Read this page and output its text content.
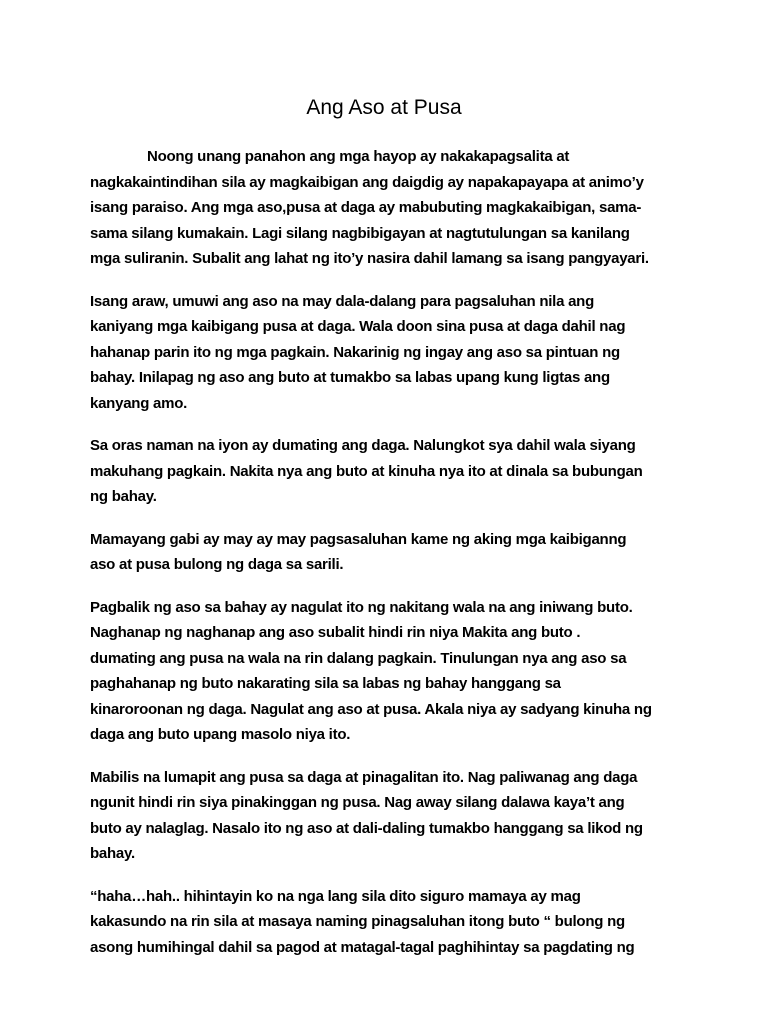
Ang Aso at Pusa

Noong unang panahon ang mga hayop ay nakakapagsalita at
nagkakaintindihan sila ay magkaibigan ang daigdig ay napakapayapa at animo’y
isang paraiso. Ang mga aso,pusa at daga ay mabubuting magkakaibigan, sama-
sama silang kumakain. Lagi silang nagbibigayan at nagtutulungan sa kanilang
mga suliranin. Subalit ang lahat ng ito’y nasira dahil lamang sa isang pangyayari.

Isang araw, umuwi ang aso na may dala-dalang para pagsaluhan nila ang
kaniyang mga kaibigang pusa at daga. Wala doon sina pusa at daga dahil nag
hahanap parin ito ng mga pagkain. Nakarinig ng ingay ang aso sa pintuan ng
bahay. Inilapag ng aso ang buto at tumakbo sa labas upang kung ligtas ang
kanyang amo.

Sa oras naman na iyon ay dumating ang daga. Nalungkot sya dahil wala siyang
makuhang pagkain. Nakita nya ang buto at kinuha nya ito at dinala sa bubungan
ng bahay.

Mamayang gabi ay may ay may pagsasaluhan kame ng aking mga kaibiganng
aso at pusa bulong ng daga sa sarili.

Pagbalik ng aso sa bahay ay nagulat ito ng nakitang wala na ang iniwang buto.
Naghanap ng naghanap ang aso subalit hindi rin niya Makita ang buto .
dumating ang pusa na wala na rin dalang pagkain. Tinulungan nya ang aso sa
paghahanap ng buto nakarating sila sa labas ng bahay hanggang sa
kinaroroonan ng daga. Nagulat ang aso at pusa. Akala niya ay sadyang kinuha ng
daga ang buto upang masolo niya ito.

Mabilis na lumapit ang pusa sa daga at pinagalitan ito. Nag paliwanag ang daga
ngunit hindi rin siya pinakinggan ng pusa. Nag away silang dalawa kaya’t ang
buto ay nalaglag. Nasalo ito ng aso at dali-daling tumakbo hanggang sa likod ng
bahay.

“haha…hah.. hihintayin ko na nga lang sila dito siguro mamaya ay mag
kakasundo na rin sila at masaya naming pinagsaluhan itong buto “ bulong ng
asong humihingal dahil sa pagod at matagal-tagal paghihintay sa pagdating ng
